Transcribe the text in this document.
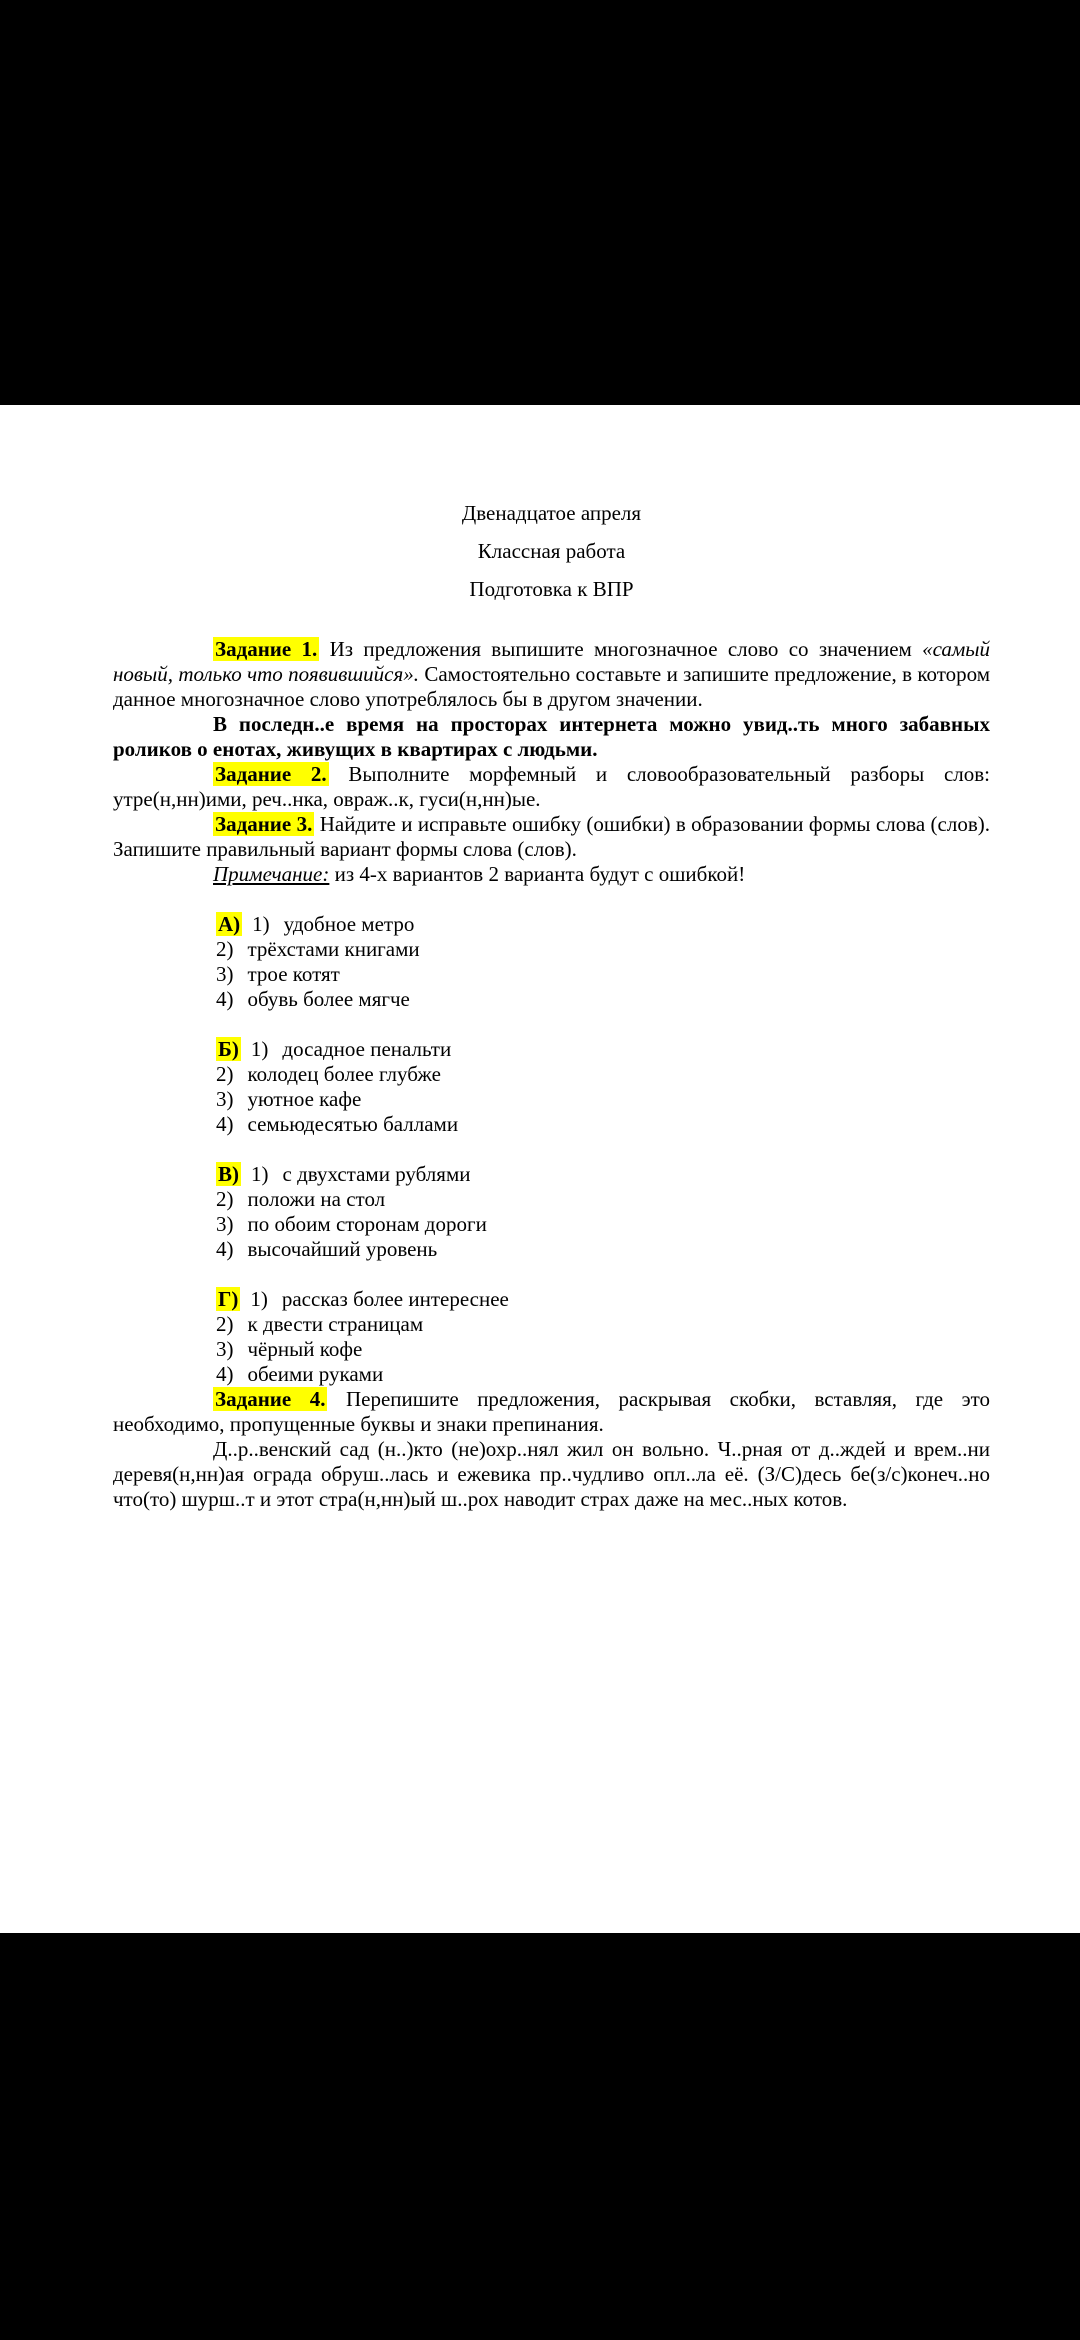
Двенадцатое апреля

Классная работа

Подготовка к ВПР

Задание 1. Из предложения выпишите многозначное слово со значением «самый новый, только что появившийся». Самостоятельно составьте и запишите предложение, в котором данное многозначное слово употреблялось бы в другом значении.

В последн..е время на просторах интернета можно увид..ть много забавных роликов о енотах, живущих в квартирах с людьми.

Задание 2. Выполните морфемный и словообразовательный разборы слов: утре(н,нн)ими, реч..нка, овраж..к, гуси(н,нн)ые.

Задание 3. Найдите и исправьте ошибку (ошибки) в образовании формы слова (слов). Запишите правильный вариант формы слова (слов).

Примечание: из 4-х вариантов 2 варианта будут с ошибкой!

А) 1) удобное метро
2) трёхстами книгами
3) трое котят
4) обувь более мягче
Б) 1) досадное пенальти
2) колодец более глубже
3) уютное кафе
4) семьюдесятью баллами
В) 1) с двухстами рублями
2) положи на стол
3) по обоим сторонам дороги
4) высочайший уровень
Г) 1) рассказ более интереснее
2) к двести страницам
3) чёрный кофе
4) обеими руками

Задание 4. Перепишите предложения, раскрывая скобки, вставляя, где это необходимо, пропущенные буквы и знаки препинания.

Д..р..венский сад (н..)кто (не)охр..нял жил он вольно. Ч..рная от д..ждей и врем..ни деревя(н,нн)ая ограда обруш..лась и ежевика пр..чудливо опл..ла её. (З/С)десь бе(з/с)конеч..но что(то) шурш..т и этот стра(н,нн)ый ш..рох наводит страх даже на мес..ных котов.
